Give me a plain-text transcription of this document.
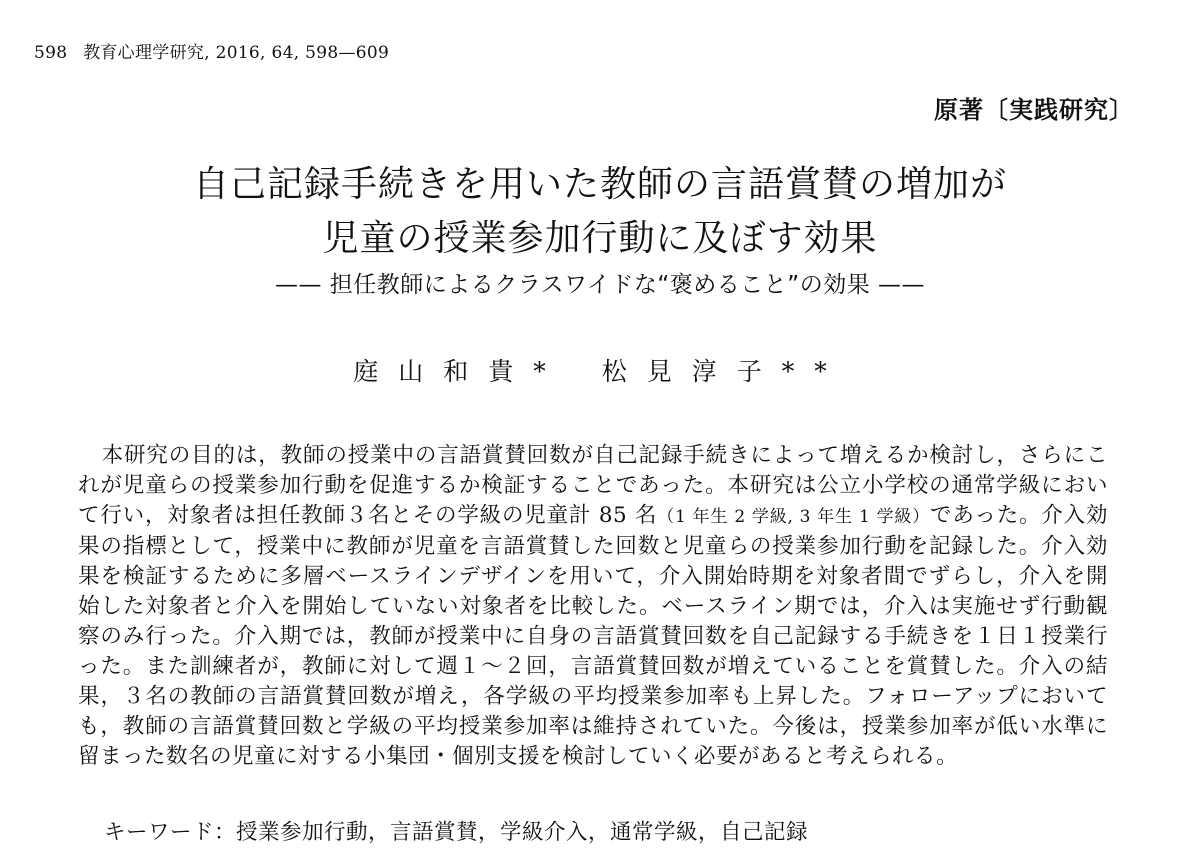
598 教育心理学研究, 2016, 64, 598—609
原著〔実践研究〕
自己記録手続きを用いた教師の言語賞賛の増加が
児童の授業参加行動に及ぼす効果
—— 担任教師によるクラスワイドな“褒めること”の効果 ——
庭山和貴* 松見淳子**

本研究の目的は，教師の授業中の言語賞賛回数が自己記録手続きによって増えるか検討し，さらにこれが児童らの授業参加行動を促進するか検証することであった。本研究は公立小学校の通常学級において行い，対象者は担任教師３名とその学級の児童計 85 名（1 年生 2 学級, 3 年生 1 学級）であった。介入効果の指標として，授業中に教師が児童を言語賞賛した回数と児童らの授業参加行動を記録した。介入効果を検証するために多層ベースラインデザインを用いて，介入開始時期を対象者間でずらし，介入を開始した対象者と介入を開始していない対象者を比較した。ベースライン期では，介入は実施せず行動観察のみ行った。介入期では，教師が授業中に自身の言語賞賛回数を自己記録する手続きを１日１授業行った。また訓練者が，教師に対して週１～２回，言語賞賛回数が増えていることを賞賛した。介入の結果，３名の教師の言語賞賛回数が増え，各学級の平均授業参加率も上昇した。フォローアップにおいても，教師の言語賞賛回数と学級の平均授業参加率は維持されていた。今後は，授業参加率が低い水準に留まった数名の児童に対する小集団・個別支援を検討していく必要があると考えられる。

キーワード：授業参加行動，言語賞賛，学級介入，通常学級，自己記録
